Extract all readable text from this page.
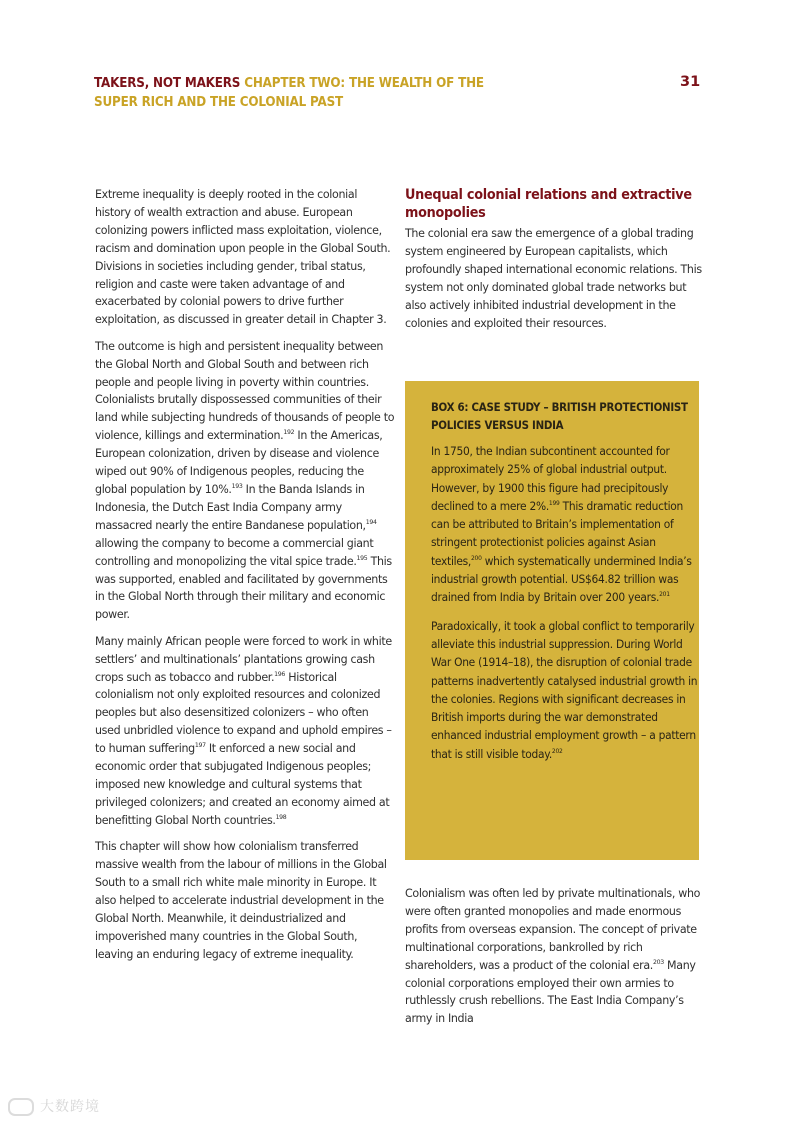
TAKERS, NOT MAKERS CHAPTER TWO: THE WEALTH OF THE SUPER RICH AND THE COLONIAL PAST
31

Extreme inequality is deeply rooted in the colonial history of wealth extraction and abuse. European colonizing powers inflicted mass exploitation, violence, racism and domination upon people in the Global South. Divisions in societies including gender, tribal status, religion and caste were taken advantage of and exacerbated by colonial powers to drive further exploitation, as discussed in greater detail in Chapter 3.

The outcome is high and persistent inequality between the Global North and Global South and between rich people and people living in poverty within countries. Colonialists brutally dispossessed communities of their land while subjecting hundreds of thousands of people to violence, killings and extermination.$^{192}$ In the Americas, European colonization, driven by disease and violence wiped out 90% of Indigenous peoples, reducing the global population by 10%.$^{193}$ In the Banda Islands in Indonesia, the Dutch East India Company army massacred nearly the entire Bandanese population,$^{194}$ allowing the company to become a commercial giant controlling and monopolizing the vital spice trade.$^{195}$ This was supported, enabled and facilitated by governments in the Global North through their military and economic power.

Many mainly African people were forced to work in white settlers’ and multinationals’ plantations growing cash crops such as tobacco and rubber.$^{196}$ Historical colonialism not only exploited resources and colonized peoples but also desensitized colonizers – who often used unbridled violence to expand and uphold empires – to human suffering$^{197}$ It enforced a new social and economic order that subjugated Indigenous peoples; imposed new knowledge and cultural systems that privileged colonizers; and created an economy aimed at benefitting Global North countries.$^{198}$

This chapter will show how colonialism transferred massive wealth from the labour of millions in the Global South to a small rich white male minority in Europe. It also helped to accelerate industrial development in the Global North. Meanwhile, it deindustrialized and impoverished many countries in the Global South, leaving an enduring legacy of extreme inequality.

Unequal colonial relations and extractive monopolies

The colonial era saw the emergence of a global trading system engineered by European capitalists, which profoundly shaped international economic relations. This system not only dominated global trade networks but also actively inhibited industrial development in the colonies and exploited their resources.

BOX 6: CASE STUDY – BRITISH PROTECTIONIST POLICIES VERSUS INDIA

In 1750, the Indian subcontinent accounted for approximately 25% of global industrial output. However, by 1900 this figure had precipitously declined to a mere 2%.$^{199}$ This dramatic reduction can be attributed to Britain’s implementation of stringent protectionist policies against Asian textiles,$^{200}$ which systematically undermined India’s industrial growth potential. US$64.82 trillion was drained from India by Britain over 200 years.$^{201}$

Paradoxically, it took a global conflict to temporarily alleviate this industrial suppression. During World War One (1914–18), the disruption of colonial trade patterns inadvertently catalysed industrial growth in the colonies. Regions with significant decreases in British imports during the war demonstrated enhanced industrial employment growth – a pattern that is still visible today.$^{202}$

Colonialism was often led by private multinationals, who were often granted monopolies and made enormous profits from overseas expansion. The concept of private multinational corporations, bankrolled by rich shareholders, was a product of the colonial era.$^{203}$ Many colonial corporations employed their own armies to ruthlessly crush rebellions. The East India Company’s army in India

大数跨境
